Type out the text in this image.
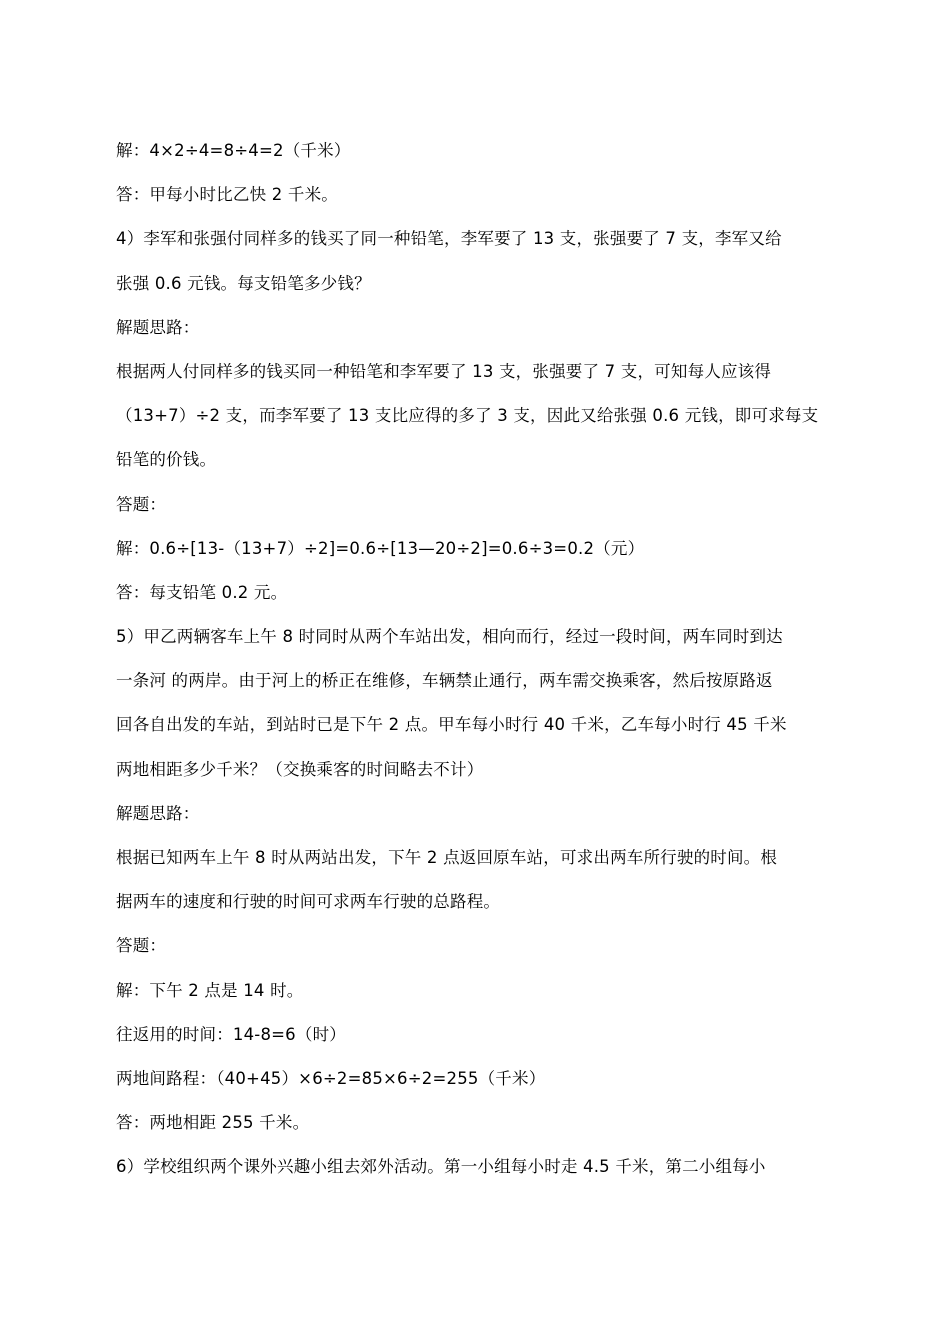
解：4×2÷4=8÷4=2（千米）
答：甲每小时比乙快 2 千米。
4）李军和张强付同样多的钱买了同一种铅笔，李军要了 13 支，张强要了 7 支，李军又给
张强 0.6 元钱。每支铅笔多少钱？
解题思路：
根据两人付同样多的钱买同一种铅笔和李军要了 13 支，张强要了 7 支，可知每人应该得
（13+7）÷2 支，而李军要了 13 支比应得的多了 3 支，因此又给张强 0.6 元钱，即可求每支
铅笔的价钱。
答题：
解：0.6÷[13-（13+7）÷2]=0.6÷[13—20÷2]=0.6÷3=0.2（元）
答：每支铅笔 0.2 元。
5）甲乙两辆客车上午 8 时同时从两个车站出发，相向而行，经过一段时间，两车同时到达
一条河 的两岸。由于河上的桥正在维修，车辆禁止通行，两车需交换乘客，然后按原路返
回各自出发的车站，到站时已是下午 2 点。甲车每小时行 40 千米，乙车每小时行 45 千米
两地相距多少千米？（交换乘客的时间略去不计）
解题思路：
根据已知两车上午 8 时从两站出发，下午 2 点返回原车站，可求出两车所行驶的时间。根
据两车的速度和行驶的时间可求两车行驶的总路程。
答题：
解：下午 2 点是 14 时。
往返用的时间：14-8=6（时）
两地间路程：（40+45）×6÷2=85×6÷2=255（千米）
答：两地相距 255 千米。
6）学校组织两个课外兴趣小组去郊外活动。第一小组每小时走 4.5 千米，第二小组每小
